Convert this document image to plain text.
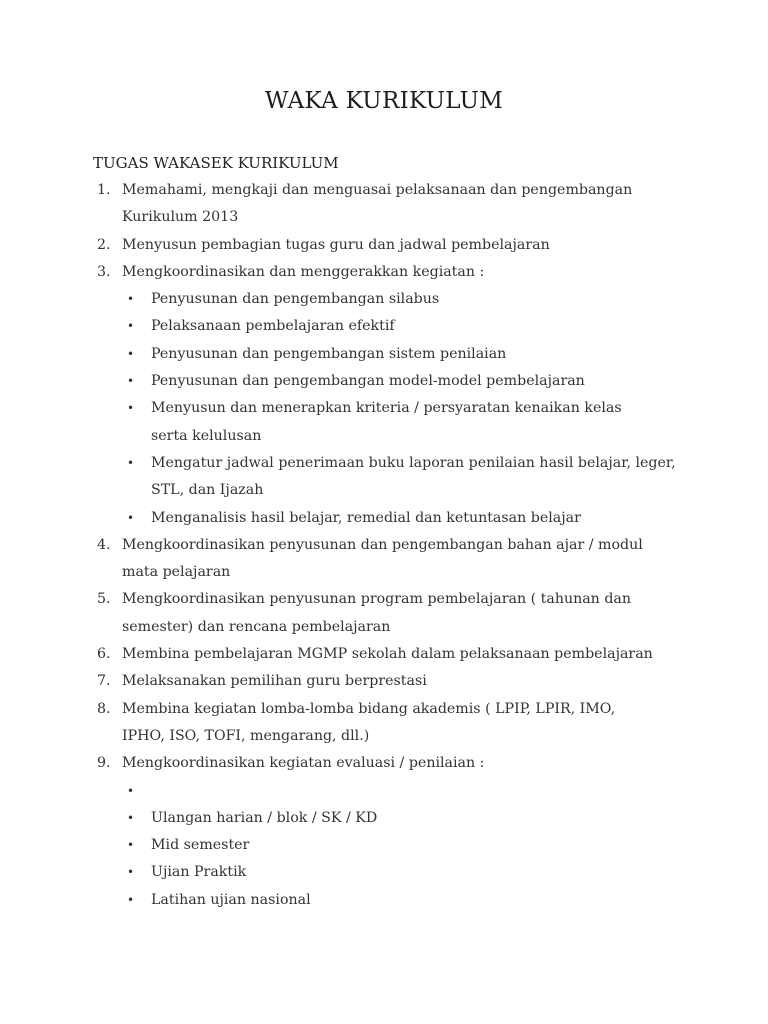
WAKA KURIKULUM
TUGAS WAKASEK KURIKULUM
1. Memahami, mengkaji dan menguasai pelaksanaan dan pengembangan
Kurikulum 2013
2. Menyusun pembagian tugas guru dan jadwal pembelajaran
3. Mengkoordinasikan dan menggerakkan kegiatan :
• Penyusunan dan pengembangan silabus
• Pelaksanaan pembelajaran efektif
• Penyusunan dan pengembangan sistem penilaian
• Penyusunan dan pengembangan model-model pembelajaran
• Menyusun dan menerapkan kriteria / persyaratan kenaikan kelas
serta kelulusan
• Mengatur jadwal penerimaan buku laporan penilaian hasil belajar, leger,
STL, dan Ijazah
• Menganalisis hasil belajar, remedial dan ketuntasan belajar
4. Mengkoordinasikan penyusunan dan pengembangan bahan ajar / modul
mata pelajaran
5. Mengkoordinasikan penyusunan program pembelajaran ( tahunan dan
semester) dan rencana pembelajaran
6. Membina pembelajaran MGMP sekolah dalam pelaksanaan pembelajaran
7. Melaksanakan pemilihan guru berprestasi
8. Membina kegiatan lomba-lomba bidang akademis ( LPIP, LPIR, IMO,
IPHO, ISO, TOFI, mengarang, dll.)
9. Mengkoordinasikan kegiatan evaluasi / penilaian :
•
• Ulangan harian / blok / SK / KD
• Mid semester
• Ujian Praktik
• Latihan ujian nasional
